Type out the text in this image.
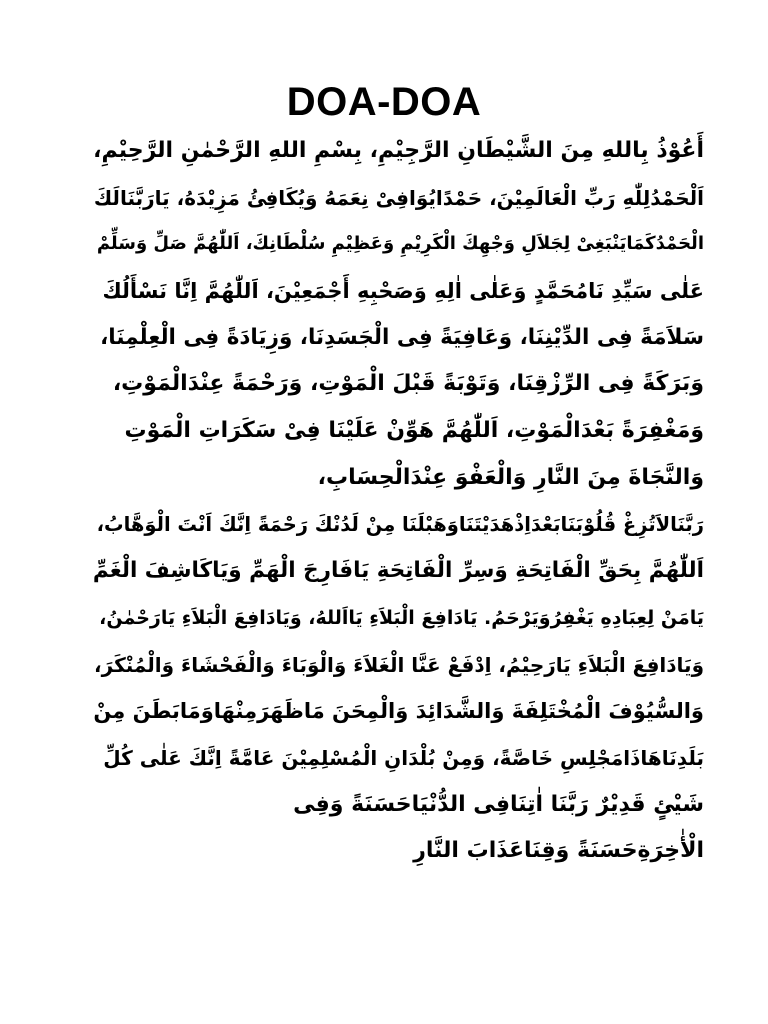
DOA-DOA
أَعُوْذُ بِاللهِ مِنَ الشَّيْطَانِ الرَّجِيْمِ، بِسْمِ اللهِ الرَّحْمٰنِ الرَّحِيْمِ،
اَلْحَمْدُلِلّٰهِ رَبِّ الْعَالَمِيْنَ، حَمْدًايُوَافِىْ نِعَمَهُ وَيُكَافِئُ مَزِيْدَهُ، يَارَبَّنَالَكَ
الْحَمْدُكَمَايَنْبَغِىْ لِجَلاَلِ وَجْهِكَ الْكَرِيْمِ وَعَظِيْمِ سُلْطَانِكَ، اَللّٰهُمَّ صَلِّ وَسَلِّمْ
عَلٰى سَيِّدِ نَامُحَمَّدٍ وَعَلٰى اٰلِهِ وَصَحْبِهِ أَجْمَعِيْنَ، اَللّٰهُمَّ اِنَّا نَسْأَلُكَ
سَلاَمَةً فِى الدِّيْنِنَا، وَعَافِيَةً فِى الْجَسَدِنَا، وَزِيَادَةً فِى الْعِلْمِنَا،
وَبَرَكَةً فِى الرِّزْقِنَا، وَتَوْبَةً قَبْلَ الْمَوْتِ، وَرَحْمَةً عِنْدَالْمَوْتِ،
وَمَغْفِرَةً بَعْدَالْمَوْتِ، اَللّٰهُمَّ هَوِّنْ عَلَيْنَا فِىْ سَكَرَاتِ الْمَوْتِ
وَالنَّجَاةَ مِنَ النَّارِ وَالْعَفْوَ عِنْدَالْحِسَابِ،
رَبَّنَالاَتُزِغْ قُلُوْبَنَابَعْدَاِذْهَدَيْتَنَاوَهَبْلَنَا مِنْ لَدُنْكَ رَحْمَةً اِنَّكَ اَنْتَ الْوَهَّابُ،
اَللّٰهُمَّ بِحَقِّ الْفَاتِحَةِ وَسِرِّ الْفَاتِحَةِ يَافَارِجَ الْهَمِّ وَيَاكَاشِفَ الْغَمِّ
يَامَنْ لِعِبَادِهِ يَغْفِرُوَيَرْحَمُ. يَادَافِعَ الْبَلاَءِ يَااَللهُ، وَيَادَافِعَ الْبَلاَءِ يَارَحْمٰنُ،
وَيَادَافِعَ الْبَلاَءِ يَارَحِيْمُ، اِدْفَعْ عَنَّا الْغَلاَءَ وَالْوَبَاءَ وَالْفَحْشَاءَ وَالْمُنْكَرَ،
وَالسُّيُوْفَ الْمُخْتَلِفَةَ وَالشَّدَائِدَ وَالْمِحَنَ مَاظَهَرَمِنْهَاوَمَابَطَنَ مِنْ
بَلَدِنَاهَاذَامَجْلِسِ خَاصَّةً، وَمِنْ بُلْدَانِ الْمُسْلِمِيْنَ عَامَّةً اِنَّكَ عَلٰى كُلِّ
شَيْئٍ قَدِيْرٌ رَبَّنَا اٰتِنَافِى الدُّنْيَاحَسَنَةً وَفِى
الْأٰخِرَةِحَسَنَةً وَقِنَاعَذَابَ النَّارِ
